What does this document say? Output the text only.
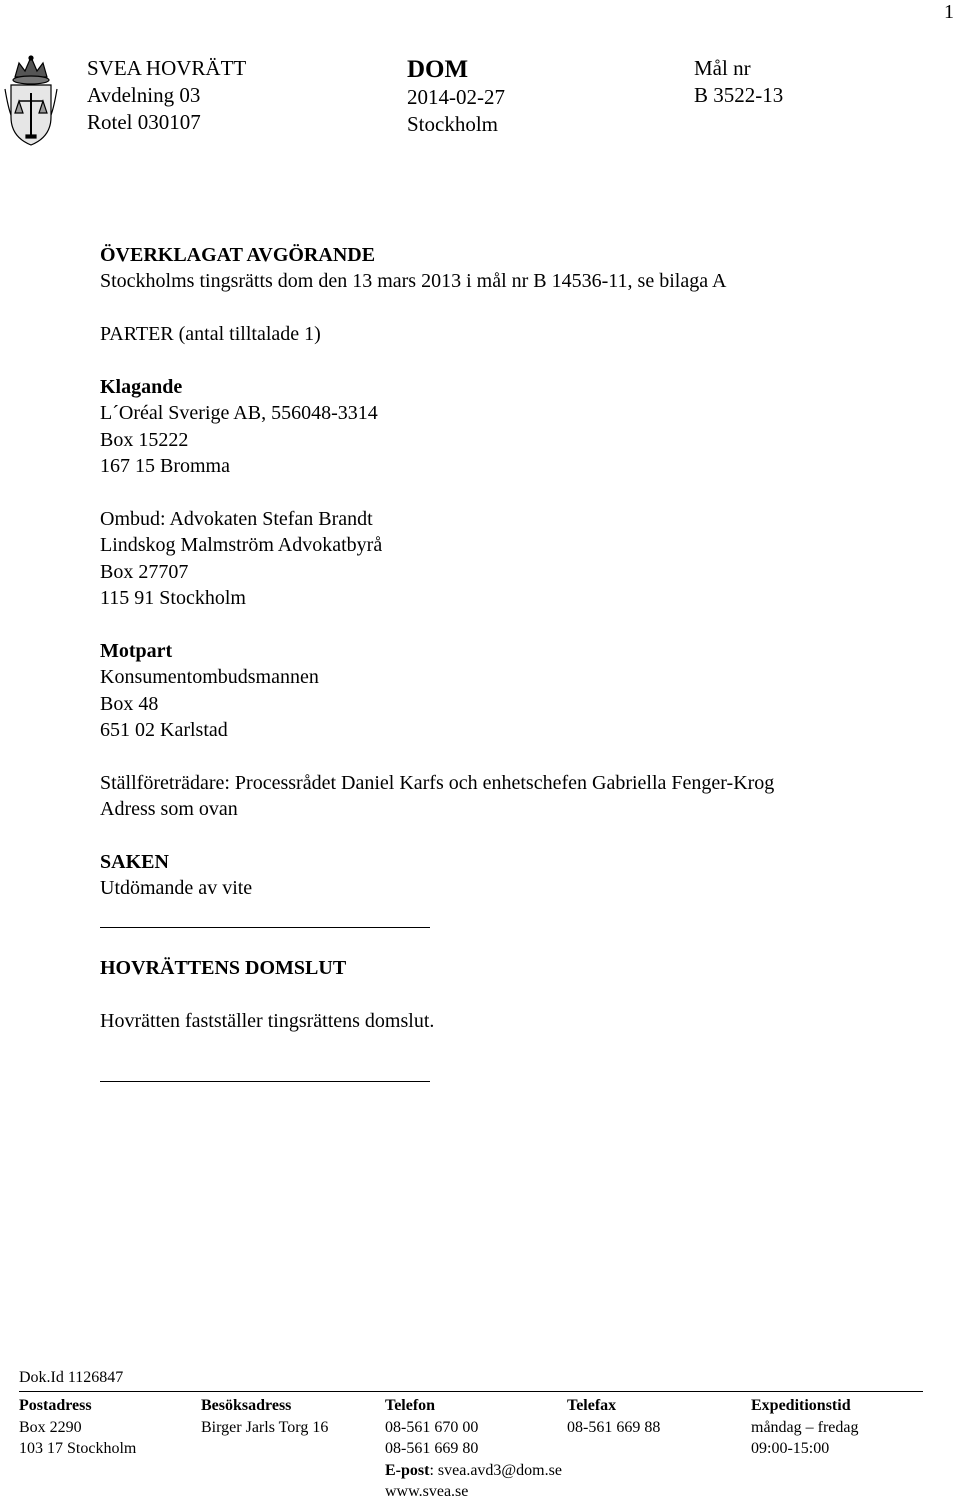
1
SVEA HOVRÄTT
Avdelning 03
Rotel 030107
DOM
2014-02-27
Stockholm
Mål nr
B 3522-13
ÖVERKLAGAT AVGÖRANDE
Stockholms tingsrätts dom den 13 mars 2013 i mål nr B 14536-11, se bilaga A
PARTER (antal tilltalade 1)
Klagande
L´Oréal Sverige AB, 556048-3314
Box 15222
167 15 Bromma
Ombud: Advokaten Stefan Brandt
Lindskog Malmström Advokatbyrå
Box 27707
115 91 Stockholm
Motpart
Konsumentombudsmannen
Box 48
651 02 Karlstad
Ställföreträdare: Processrådet Daniel Karfs och enhetschefen Gabriella Fenger-Krog
Adress som ovan
SAKEN
Utdömande av vite
HOVRÄTTENS DOMSLUT
Hovrätten fastställer tingsrättens domslut.
Dok.Id 1126847
Postadress
Box 2290
103 17 Stockholm
Besöksadress
Birger Jarls Torg 16
Telefon
08-561 670 00
08-561 669 80
E-post: svea.avd3@dom.se
www.svea.se
Telefax
08-561 669 88
Expeditionstid
måndag – fredag
09:00-15:00
